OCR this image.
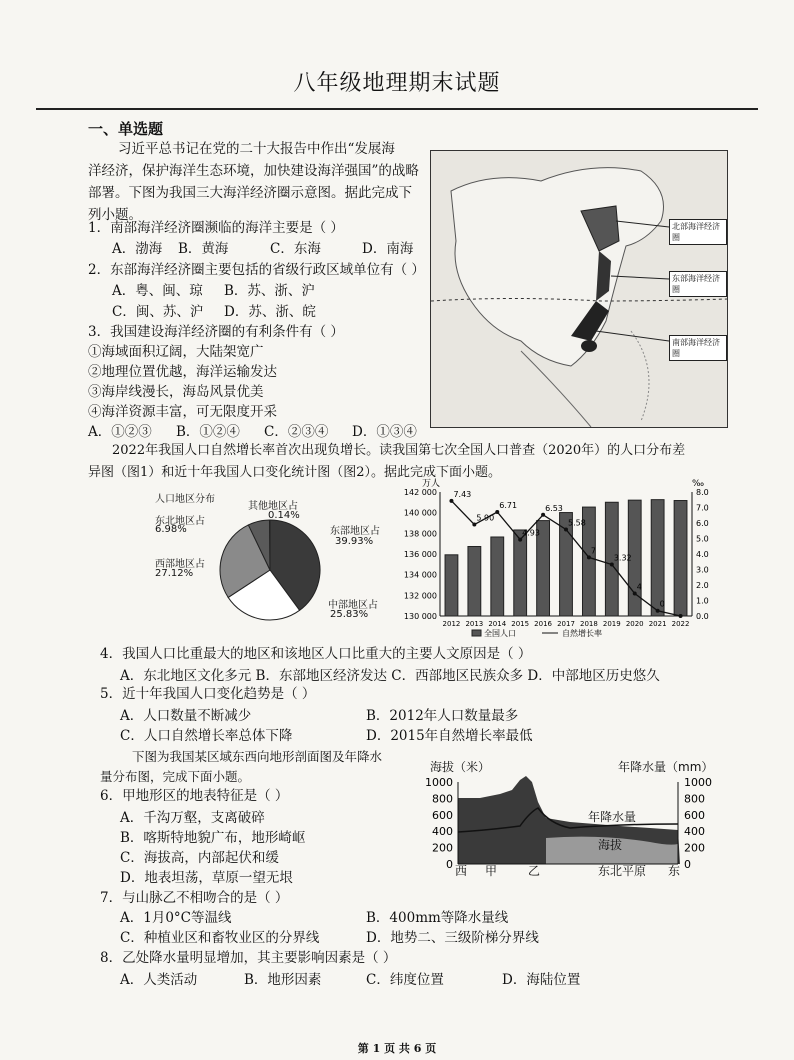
八年级地理期末试题
一、单选题
习近平总书记在党的二十大报告中作出“发展海
洋经济，保护海洋生态环境，加快建设海洋强国”的战略
部署。下图为我国三大海洋经济圈示意图。据此完成下
列小题。
北部海洋经济圈
东部海洋经济圈
南部海洋经济圈
1．南部海洋经济圈濒临的海洋主要是（ ）
A．渤海 B．黄海	C．东海	D．南海
2．东部海洋经济圈主要包括的省级行政区域单位有（ ）
A．粤、闽、琼 B．苏、浙、沪
C．闽、苏、沪 D．苏、浙、皖
3．我国建设海洋经济圈的有利条件有（ ）
①海域面积辽阔，大陆架宽广
②地理位置优越，海洋运输发达
③海岸线漫长，海岛风景优美
④海洋资源丰富，可无限度开采
A．①②③ B．①②④ C．②③④ D．①③④
2022年我国人口自然增长率首次出现负增长。读我国第七次全国人口普查（2020年）的人口分布差
异图（图1）和近十年我国人口变化统计图（图2）。据此完成下面小题。
人口地区分布
其他地区占
0.14%
东北地区占
6.98%	东部地区占
39.93%
西部地区占
27.12%
中部地区占
25.83%
万人	‰
130 000
132 000
134 000
136 000
138 000
140 000
142 000
0.0
1.0
2.0
3.0
4.0
5.0
6.0
7.0
8.0
2012 2013 2014 2015 2016 2017 2018 2019 2020 2021 2022
7.43
5.90
6.71
4.93
6.53
5.58
7
3.32
4
0
全国人口	自然增长率
4．我国人口比重最大的地区和该地区人口比重大的主要人文原因是（ ）
A．东北地区文化多元 B．东部地区经济发达 C．西部地区民族众多 D．中部地区历史悠久
5．近十年我国人口变化趋势是（ ）
A．人口数量不断减少	B．2012年人口数量最多
C．人口自然增长率总体下降	D．2015年自然增长率最低
下图为我国某区域东西向地形剖面图及年降水
量分布图，完成下面小题。
海拔（米）	年降水量（mm）
1000
800
600
400
200
0
1000
800
600
400
200
0
年降水量
海拔
西 甲	乙	东北平原 东
6．甲地形区的地表特征是（ ）
A．千沟万壑，支离破碎
B．喀斯特地貌广布，地形崎岖
C．海拔高，内部起伏和缓
D．地表坦荡，草原一望无垠
7．与山脉乙不相吻合的是（ ）
A．1月0°C等温线	B．400mm等降水量线
C．种植业区和畜牧业区的分界线	D．地势二、三级阶梯分界线
8．乙处降水量明显增加，其主要影响因素是（ ）
A．人类活动	B．地形因素	C．纬度位置	D．海陆位置
第 1 页 共 6 页
